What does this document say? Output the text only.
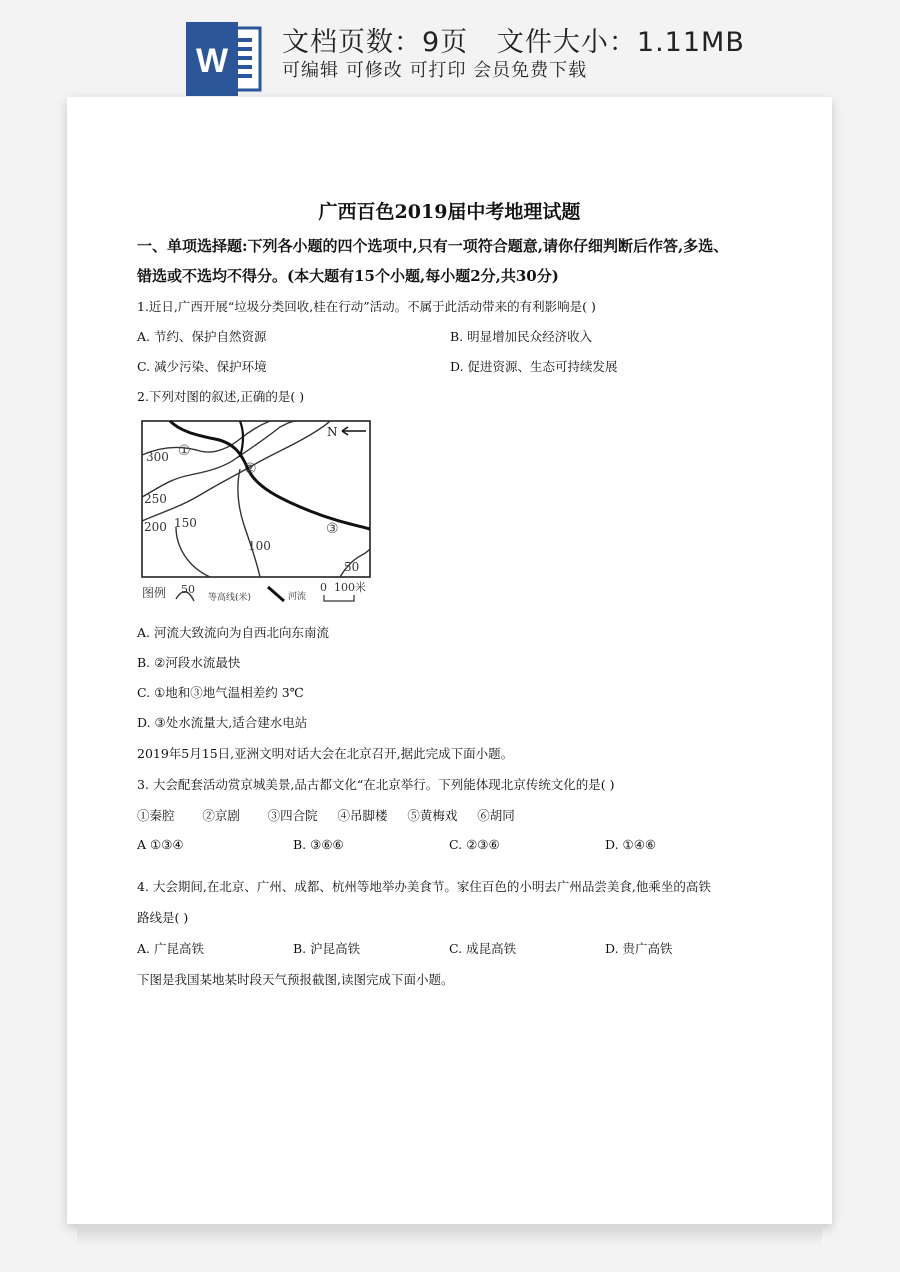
W 文档页数：9页   文件大小：1.11MB
可编辑 可修改 可打印 会员免费下载
广西百色2019届中考地理试题
一、单项选择题:下列各小题的四个选项中,只有一项符合题意,请你仔细判断后作答,多选、
错选或不选均不得分。(本大题有15个小题,每小题2分,共30分)
1.近日,广西开展“垃圾分类回收,桂在行动”活动。不属于此活动带来的有利影响是( )
A. 节约、保护自然资源	B. 明显增加民众经济收入
C. 减少污染、保护环境	D. 促进资源、生态可持续发展
2.下列对图的叙述,正确的是( )
N
300 ①
250
②
200 150	③
100
50
图例 50
等高线(米)	河流
0 100米
A. 河流大致流向为自西北向东南流
B. ②河段水流最快
C. ①地和③地气温相差约 3℃
D. ③处水流量大,适合建水电站
2019年5月15日,亚洲文明对话大会在北京召开,据此完成下面小题。
3. 大会配套活动赏京城美景,品古都文化“在北京举行。下列能体现北京传统文化的是( )
①秦腔       ②京剧       ③四合院     ④吊脚楼     ⑤黄梅戏     ⑥胡同
A ①③④	B. ③⑥⑥	C. ②③⑥	D. ①④⑥
4. 大会期间,在北京、广州、成都、杭州等地举办美食节。家住百色的小明去广州品尝美食,他乘坐的高铁
路线是( )
A. 广昆高铁	B. 沪昆高铁	C. 成昆高铁	D. 贵广高铁
下图是我国某地某时段天气预报截图,读图完成下面小题。
